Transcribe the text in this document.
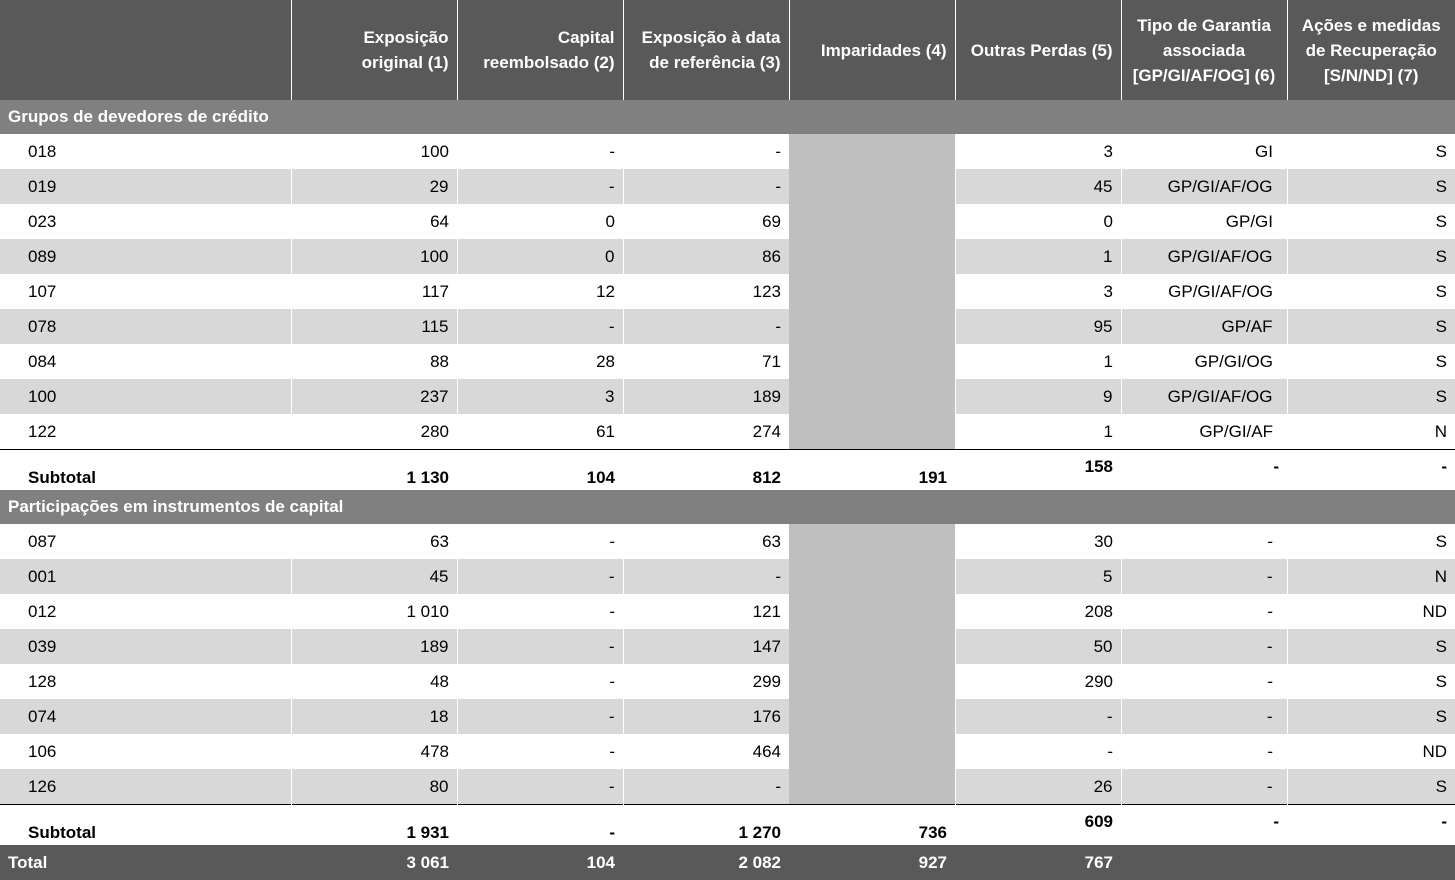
	Exposição original (1)	Capital reembolsado (2)	Exposição à data de referência (3)	Imparidades (4)	Outras Perdas (5)	Tipo de Garantia associada [GP/GI/AF/OG] (6)	Ações e medidas de Recuperação [S/N/ND] (7)
Grupos de devedores de crédito							
018	100	-	-		3	GI	S
019	29	-	-		45	GP/GI/AF/OG	S
023	64	0	69		0	GP/GI	S
089	100	0	86		1	GP/GI/AF/OG	S
107	117	12	123		3	GP/GI/AF/OG	S
078	115	-	-		95	GP/AF	S
084	88	28	71		1	GP/GI/OG	S
100	237	3	189		9	GP/GI/AF/OG	S
122	280	61	274		1	GP/GI/AF	N
Subtotal	1 130	104	812	191	158	-	-
Participações em instrumentos de capital							
087	63	-	63		30	-	S
001	45	-	-		5	-	N
012	1 010	-	121		208	-	ND
039	189	-	147		50	-	S
128	48	-	299		290	-	S
074	18	-	176		-	-	S
106	478	-	464		-	-	ND
126	80	-	-		26	-	S
Subtotal	1 931	-	1 270	736	609	-	-
Total	3 061	104	2 082	927	767		
